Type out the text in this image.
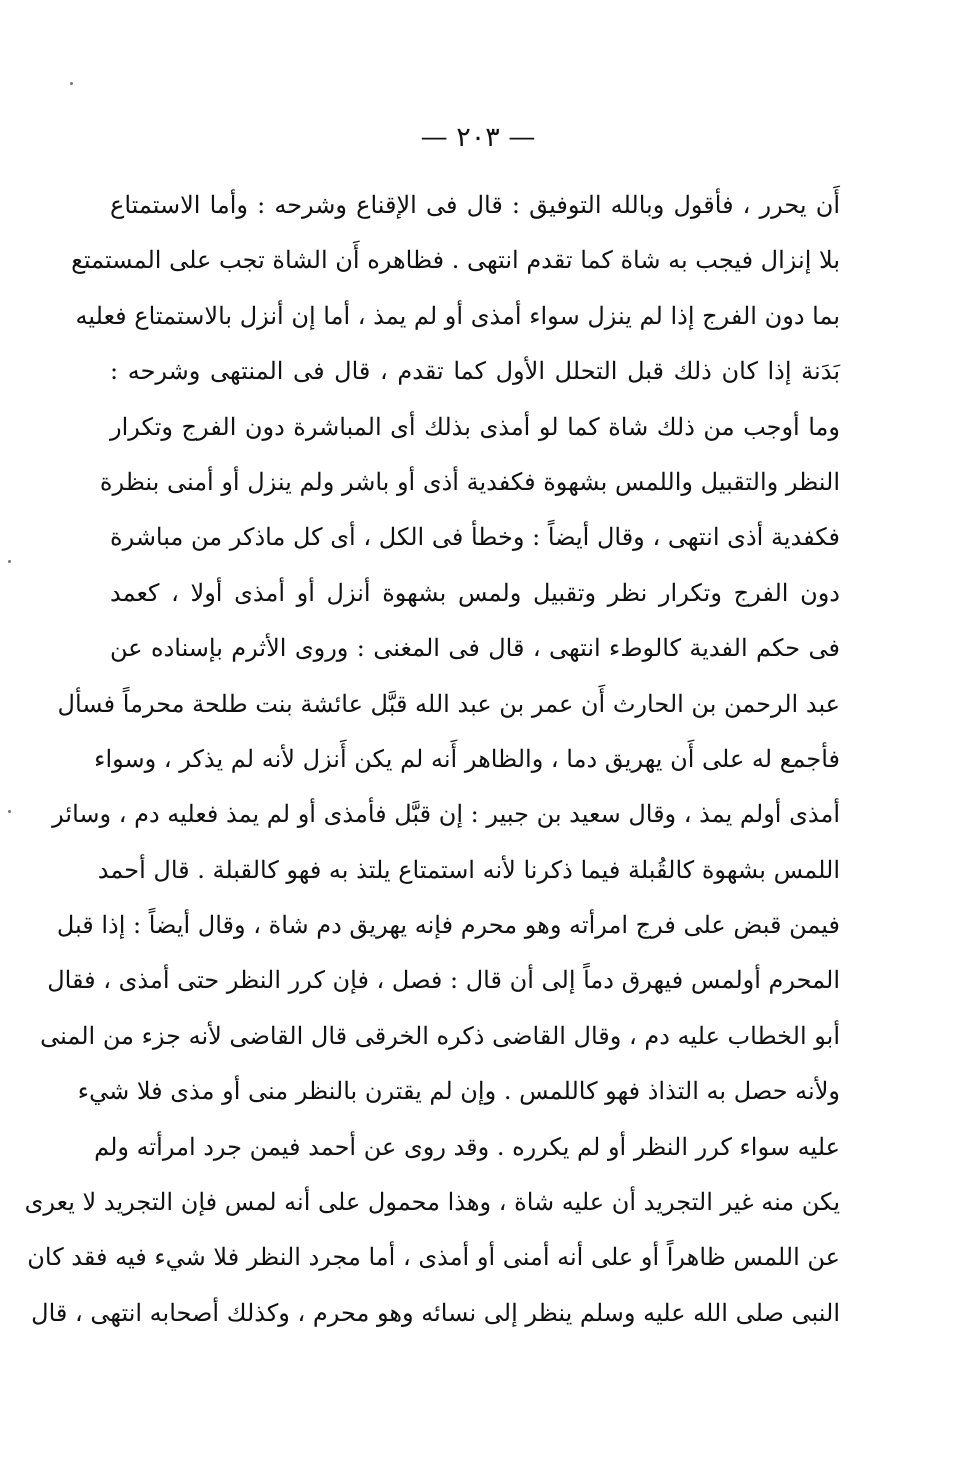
— ٢٠٣ —
أَن يحرر ، فأقول وبالله التوفيق : قال فى الإقناع وشرحه : وأما الاستمتاع
بلا إنزال فيجب به شاة كما تقدم انتهى . فظاهره أَن الشاة تجب على المستمتع
بما دون الفرج إذا لم ينزل سواء أمذى أو لم يمذ ، أما إن أنزل بالاستمتاع فعليه
بَدَنة إذا كان ذلك قبل التحلل الأول كما تقدم ، قال فى المنتهى وشرحه :
وما أوجب من ذلك شاة كما لو أمذى بذلك أى المباشرة دون الفرج وتكرار
النظر والتقبيل واللمس بشهوة فكفدية أذى أو باشر ولم ينزل أو أمنى بنظرة
فكفدية أذى انتهى ، وقال أيضاً : وخطأ فى الكل ، أى كل ماذكر من مباشرة
دون الفرج وتكرار نظر وتقبيل ولمس بشهوة أنزل أو أمذى أولا ، كعمد
فى حكم الفدية كالوطء انتهى ، قال فى المغنى : وروى الأثرم بإسناده عن
عبد الرحمن بن الحارث أَن عمر بن عبد الله قبَّل عائشة بنت طلحة محرماً فسأل
فأجمع له على أَن يهريق دما ، والظاهر أَنه لم يكن أَنزل لأنه لم يذكر ، وسواء
أمذى أولم يمذ ، وقال سعيد بن جبير : إن قبَّل فأمذى أو لم يمذ فعليه دم ، وسائر
اللمس بشهوة كالقُبلة فيما ذكرنا لأنه استمتاع يلتذ به فهو كالقبلة . قال أحمد
فيمن قبض على فرج امرأته وهو محرم فإنه يهريق دم شاة ، وقال أيضاً : إذا قبل
المحرم أولمس فيهرق دماً إلى أن قال : فصل ، فإن كرر النظر حتى أمذى ، فقال
أبو الخطاب عليه دم ، وقال القاضى ذكره الخرقى قال القاضى لأنه جزء من المنى
ولأنه حصل به التذاذ فهو كاللمس . وإن لم يقترن بالنظر منى أو مذى فلا شيء
عليه سواء كرر النظر أو لم يكرره . وقد روى عن أحمد فيمن جرد امرأته ولم
يكن منه غير التجريد أن عليه شاة ، وهذا محمول على أنه لمس فإن التجريد لا يعرى
عن اللمس ظاهراً أو على أنه أمنى أو أمذى ، أما مجرد النظر فلا شيء فيه فقد كان
النبى صلى الله عليه وسلم ينظر إلى نسائه وهو محرم ، وكذلك أصحابه انتهى ، قال
